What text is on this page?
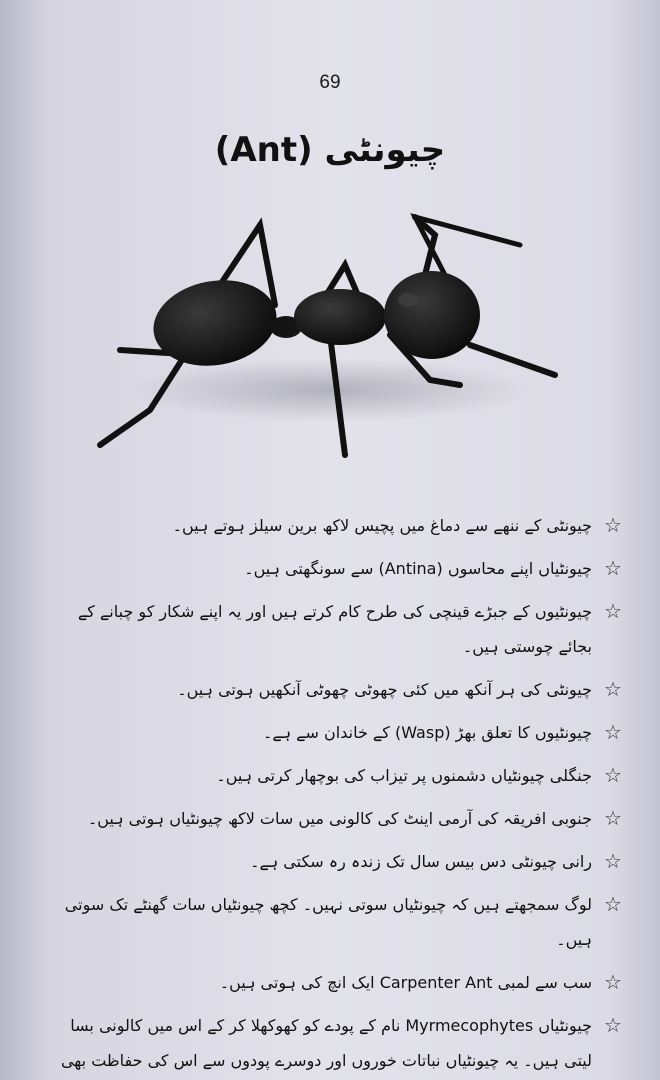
69
چیونٹی (Ant)
☆
چیونٹی کے ننھے سے دماغ میں پچیس لاکھ برین سیلز ہوتے ہیں۔
☆
چیونٹیاں اپنے محاسوں (Antina) سے سونگھتی ہیں۔
☆
چیونٹیوں کے جبڑے قینچی کی طرح کام کرتے ہیں اور یہ اپنے شکار کو چبانے کے بجائے چوستی ہیں۔
☆
چیونٹی کی ہر آنکھ میں کئی چھوٹی چھوٹی آنکھیں ہوتی ہیں۔
☆
چیونٹیوں کا تعلق بھڑ (Wasp) کے خاندان سے ہے۔
☆
جنگلی چیونٹیاں دشمنوں پر تیزاب کی بوچھار کرتی ہیں۔
☆
جنوبی افریقہ کی آرمی اینٹ کی کالونی میں سات لاکھ چیونٹیاں ہوتی ہیں۔
☆
رانی چیونٹی دس بیس سال تک زندہ رہ سکتی ہے۔
☆
لوگ سمجھتے ہیں کہ چیونٹیاں سوتی نہیں۔ کچھ چیونٹیاں سات گھنٹے تک سوتی ہیں۔
☆
سب سے لمبی Carpenter Ant ایک انچ کی ہوتی ہیں۔
☆
چیونٹیاں Myrmecophytes نام کے پودے کو کھوکھلا کر کے اس میں کالونی بسا لیتی ہیں۔ یہ چیونٹیاں نباتات خوروں اور دوسرے پودوں سے اس کی حفاظت بھی
